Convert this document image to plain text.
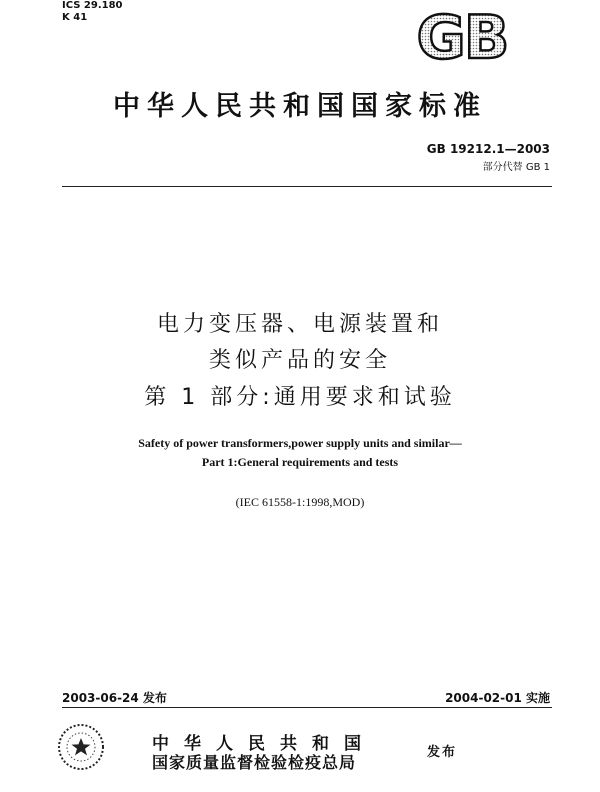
ICS 29.180
K 41	GB
中华人民共和国国家标准
GB 19212.1—2003
部分代替 GB 1
电力变压器、电源装置和
类似产品的安全
第 1 部分:通用要求和试验
Safety of power transformers,power supply units and similar—
Part 1:General requirements and tests
(IEC 61558-1:1998,MOD)
2003-06-24 发布	2004-02-01 实施
中华人民共和国
国家质量监督检验检疫总局
发布
